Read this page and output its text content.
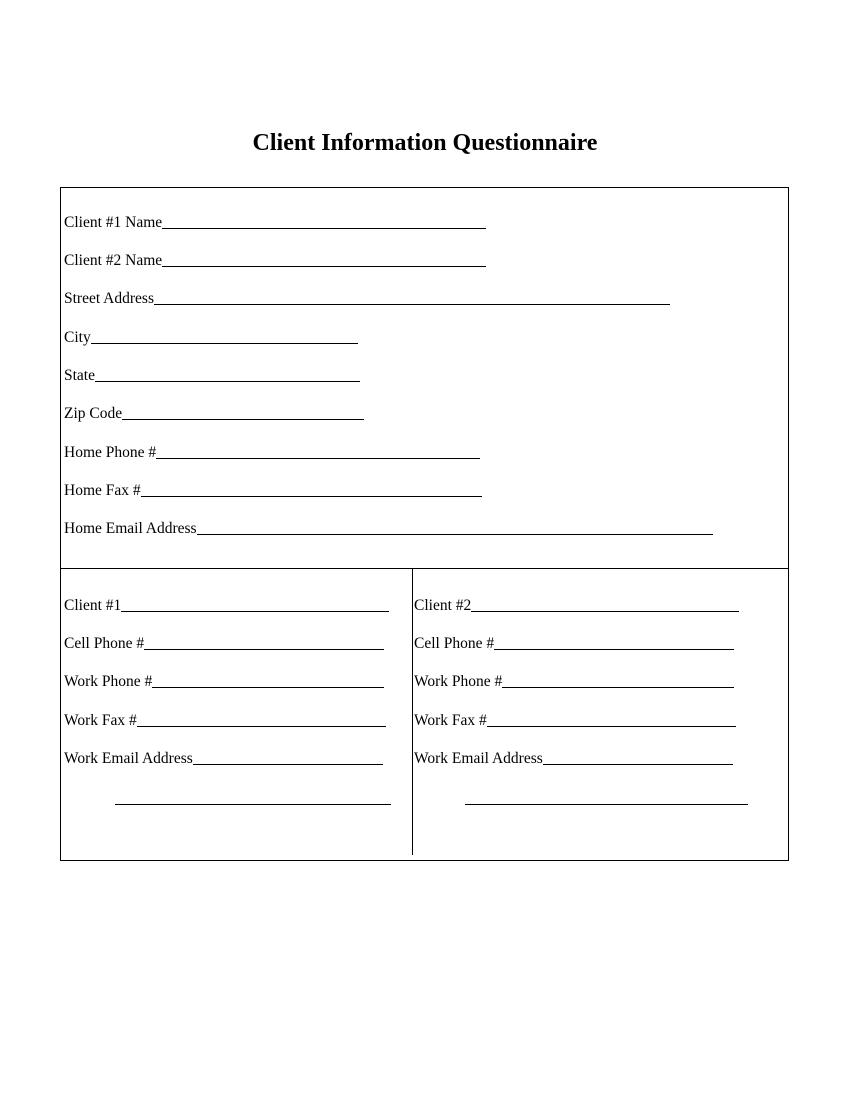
Client Information Questionnaire
Client #1 Name
Client #2 Name
Street Address
City
State
Zip Code
Home Phone #
Home Fax #
Home Email Address
Client #1
Cell Phone #
Work Phone #
Work Fax #
Work Email Address
Client #2
Cell Phone #
Work Phone #
Work Fax #
Work Email Address
